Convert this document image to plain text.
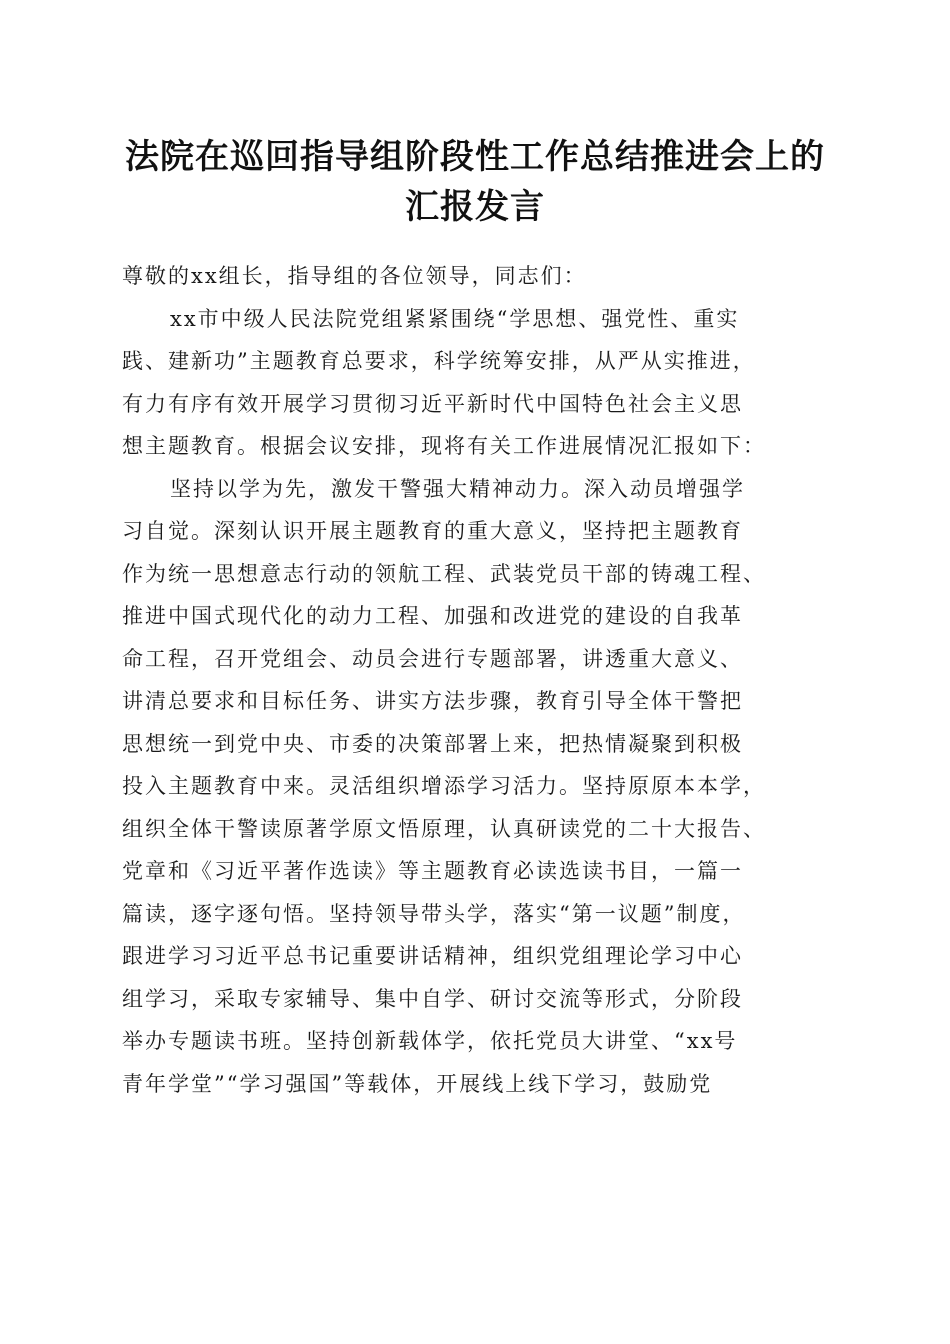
法院在巡回指导组阶段性工作总结推进会上的
汇报发言
尊敬的xx组长，指导组的各位领导，同志们：
xx市中级人民法院党组紧紧围绕“学思想、强党性、重实
践、建新功”主题教育总要求，科学统筹安排，从严从实推进，
有力有序有效开展学习贯彻习近平新时代中国特色社会主义思
想主题教育。根据会议安排，现将有关工作进展情况汇报如下：
坚持以学为先，激发干警强大精神动力。深入动员增强学
习自觉。深刻认识开展主题教育的重大意义，坚持把主题教育
作为统一思想意志行动的领航工程、武装党员干部的铸魂工程、
推进中国式现代化的动力工程、加强和改进党的建设的自我革
命工程，召开党组会、动员会进行专题部署，讲透重大意义、
讲清总要求和目标任务、讲实方法步骤，教育引导全体干警把
思想统一到党中央、市委的决策部署上来，把热情凝聚到积极
投入主题教育中来。灵活组织增添学习活力。坚持原原本本学，
组织全体干警读原著学原文悟原理，认真研读党的二十大报告、
党章和《习近平著作选读》等主题教育必读选读书目，一篇一
篇读，逐字逐句悟。坚持领导带头学，落实“第一议题”制度，
跟进学习习近平总书记重要讲话精神，组织党组理论学习中心
组学习，采取专家辅导、集中自学、研讨交流等形式，分阶段
举办专题读书班。坚持创新载体学，依托党员大讲堂、“xx号
青年学堂”“学习强国”等载体，开展线上线下学习，鼓励党
